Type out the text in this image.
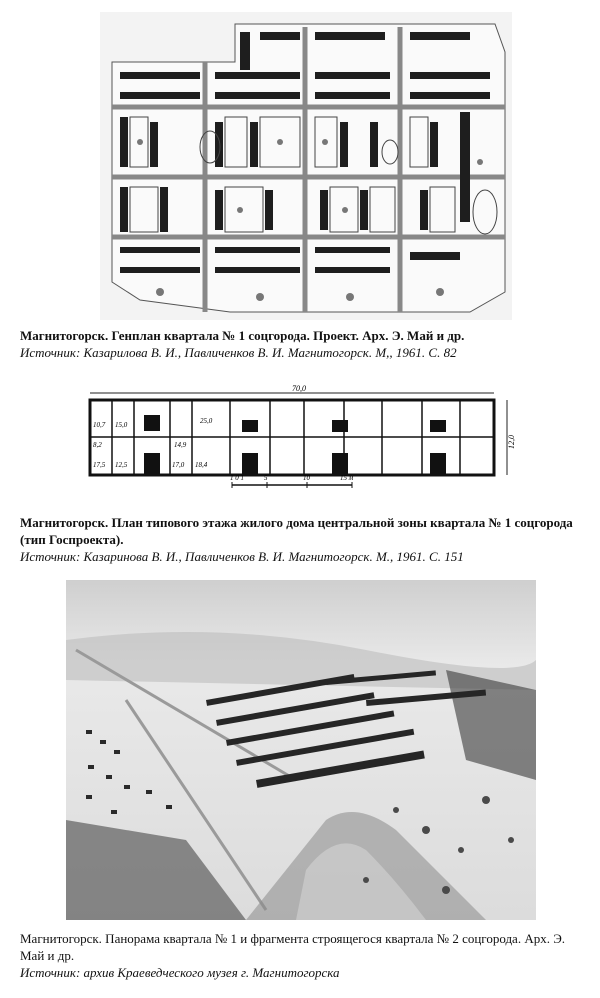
Магнитогорск. Генплан квартала № 1 соцгорода. Проект. Арх. Э. Май и др.
Источник: Казарилова В. И., Павличенков В. И. Магнитогорск. М,, 1961. С. 82
70,0
12,0
10,7 15,0
8,2
25,0
14,9
17,5 12,5	17,0 18,4
1 0 1	5	10	15 м
Магнитогорск. План типового этажа жилого дома центральной зоны квартала № 1 соцгорода (тип Госпроекта).
Источник: Казаринова В. И., Павличенков В. И. Магнитогорск. М., 1961. С. 151
Магнитогорск. Панорама квартала № 1 и фрагмента строящегося квартала № 2 соцгорода. Арх. Э. Май и др.
Источник: архив Краеведческого музея г. Магнитогорска
